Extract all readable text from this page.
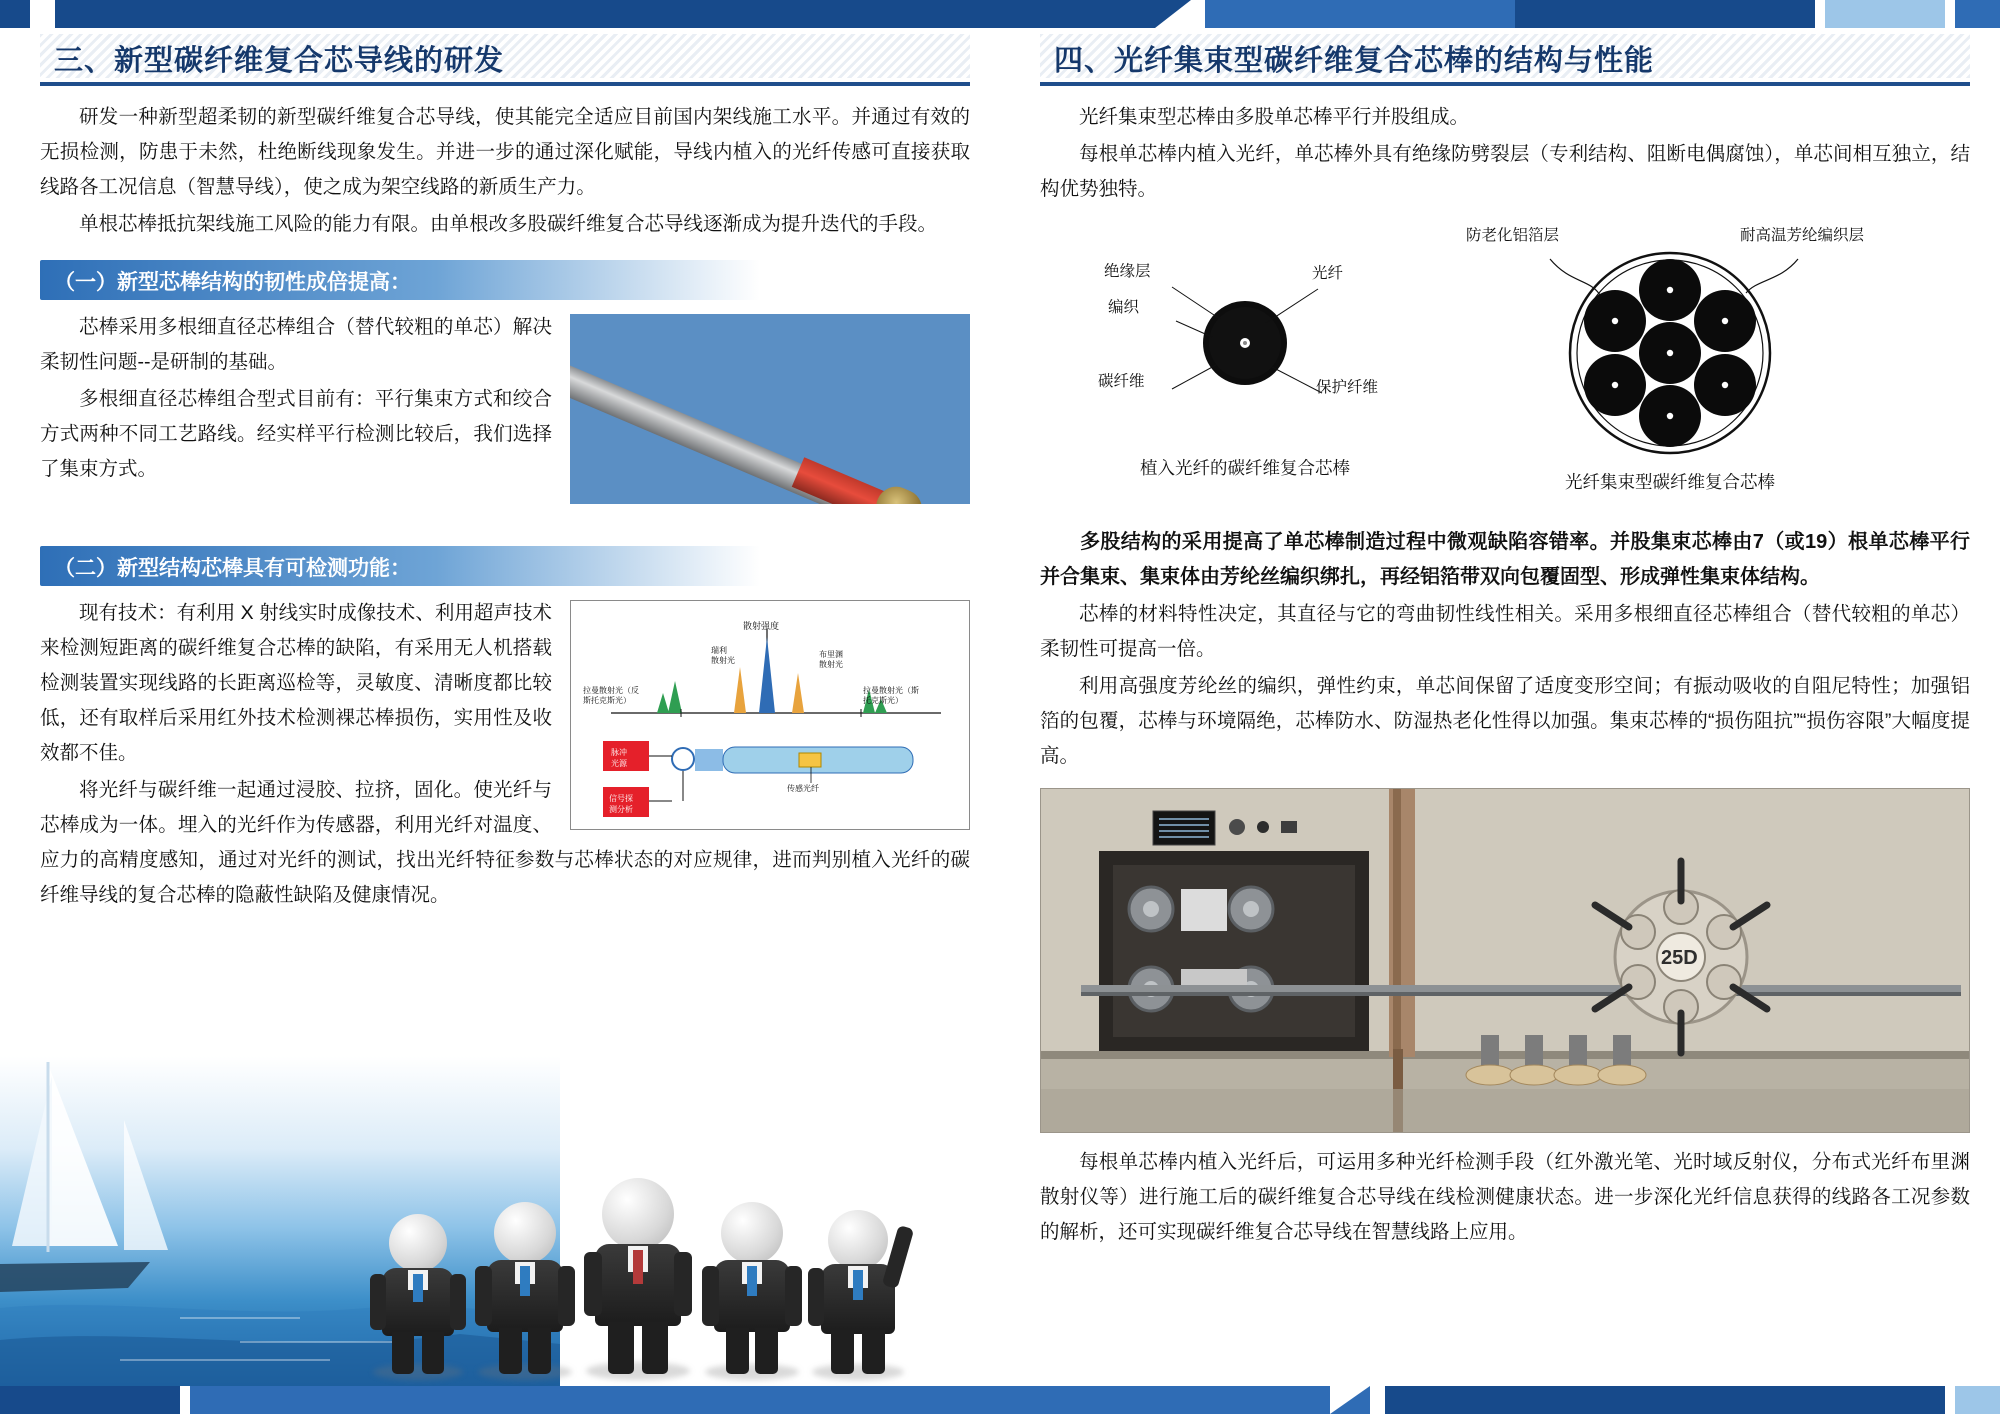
三、新型碳纤维复合芯导线的研发

研发一种新型超柔韧的新型碳纤维复合芯导线，使其能完全适应目前国内架线施工水平。并通过有效的无损检测，防患于未然，杜绝断线现象发生。并进一步的通过深化赋能，导线内植入的光纤传感可直接获取线路各工况信息（智慧导线），使之成为架空线路的新质生产力。

单根芯棒抵抗架线施工风险的能力有限。由单根改多股碳纤维复合芯导线逐渐成为提升迭代的手段。

（一）新型芯棒结构的韧性成倍提高：

芯棒采用多根细直径芯棒组合（替代较粗的单芯）解决柔韧性问题--是研制的基础。

多根细直径芯棒组合型式目前有：平行集束方式和绞合方式两种不同工艺路线。经实样平行检测比较后，我们选择了集束方式。

（二）新型结构芯棒具有可检测功能：
散射强度
瑞利
散射光
布里渊
散射光
拉曼散射光（反
斯托克斯光）
拉曼散射光（斯
托克斯光）
脉冲
光源
信号探
测分析
传感光纤

现有技术：有利用 X 射线实时成像技术、利用超声技术来检测短距离的碳纤维复合芯棒的缺陷，有采用无人机搭载检测装置实现线路的长距离巡检等，灵敏度、清晰度都比较低，还有取样后采用红外技术检测裸芯棒损伤，实用性及收效都不佳。

将光纤与碳纤维一起通过浸胶、拉挤，固化。使光纤与芯棒成为一体。埋入的光纤作为传感器，利用光纤对温度、应力的高精度感知，通过对光纤的测试，找出光纤特征参数与芯棒状态的对应规律，进而判别植入光纤的碳纤维导线的复合芯棒的隐蔽性缺陷及健康情况。

四、光纤集束型碳纤维复合芯棒的结构与性能

光纤集束型芯棒由多股单芯棒平行并股组成。

每根单芯棒内植入光纤，单芯棒外具有绝缘防劈裂层（专利结构、阻断电偶腐蚀），单芯间相互独立，结构优势独特。

绝缘层	光纤
编织
碳纤维	保护纤维
植入光纤的碳纤维复合芯棒
防老化铝箔层	耐高温芳纶编织层
光纤集束型碳纤维复合芯棒

多股结构的采用提高了单芯棒制造过程中微观缺陷容错率。并股集束芯棒由7（或19）根单芯棒平行并合集束、集束体由芳纶丝编织绑扎，再经铝箔带双向包覆固型、形成弹性集束体结构。

芯棒的材料特性决定，其直径与它的弯曲韧性线性相关。采用多根细直径芯棒组合（替代较粗的单芯）柔韧性可提高一倍。

利用高强度芳纶丝的编织，弹性约束，单芯间保留了适度变形空间；有振动吸收的自阻尼特性；加强铝箔的包覆，芯棒与环境隔绝，芯棒防水、防湿热老化性得以加强。集束芯棒的“损伤阻抗”“损伤容限”大幅度提高。

25D

每根单芯棒内植入光纤后，可运用多种光纤检测手段（红外激光笔、光时域反射仪，分布式光纤布里渊散射仪等）进行施工后的碳纤维复合芯导线在线检测健康状态。进一步深化光纤信息获得的线路各工况参数的解析，还可实现碳纤维复合芯导线在智慧线路上应用。
